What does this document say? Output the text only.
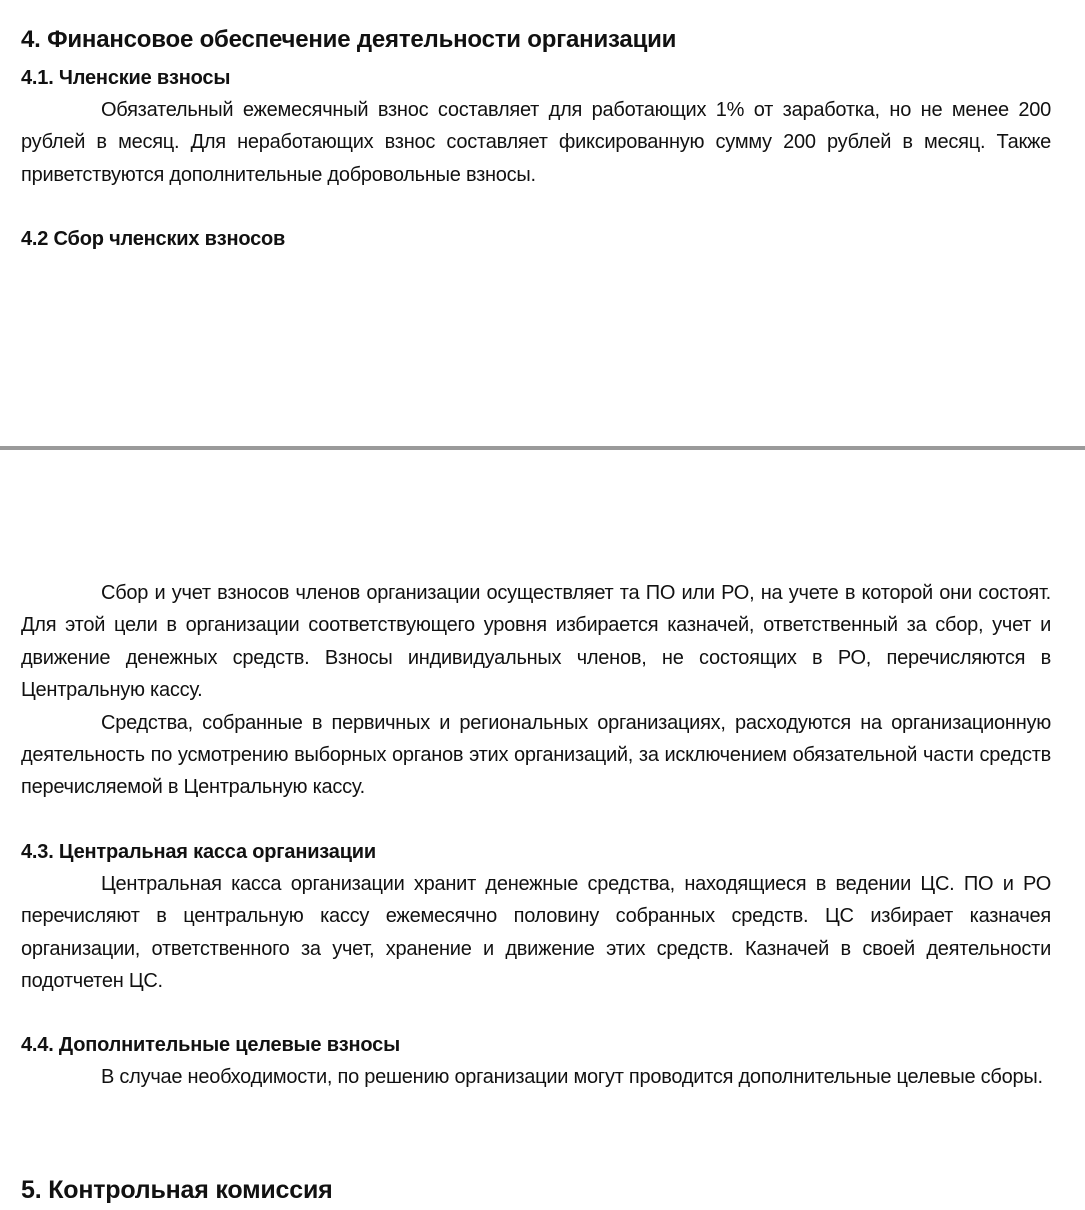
4. Финансовое обеспечение деятельности организации
4.1. Членские взносы

Обязательный ежемесячный взнос составляет для работающих 1% от заработка, но не менее 200 рублей в месяц. Для неработающих взнос составляет фиксированную сумму 200 рублей в месяц. Также приветствуются дополнительные добровольные взносы.

4.2 Сбор членских взносов

Сбор и учет взносов членов организации осуществляет та ПО или РО, на учете в которой они состоят. Для этой цели в организации соответствующего уровня избирается казначей, ответственный за сбор, учет и движение денежных средств. Взносы индивидуальных членов, не состоящих в РО, перечисляются в Центральную кассу.

Средства, собранные в первичных и региональных организациях, расходуются на организационную деятельность по усмотрению выборных органов этих организаций, за исключением обязательной части средств перечисляемой в Центральную кассу.

4.3. Центральная касса организации

Центральная касса организации хранит денежные средства, находящиеся в ведении ЦС. ПО и РО перечисляют в центральную кассу ежемесячно половину собранных средств. ЦС избирает казначея организации, ответственного за учет, хранение и движение этих средств. Казначей в своей деятельности подотчетен ЦС.

4.4. Дополнительные целевые взносы

В случае необходимости, по решению организации могут проводится дополнительные целевые сборы.

5. Контрольная комиссия
